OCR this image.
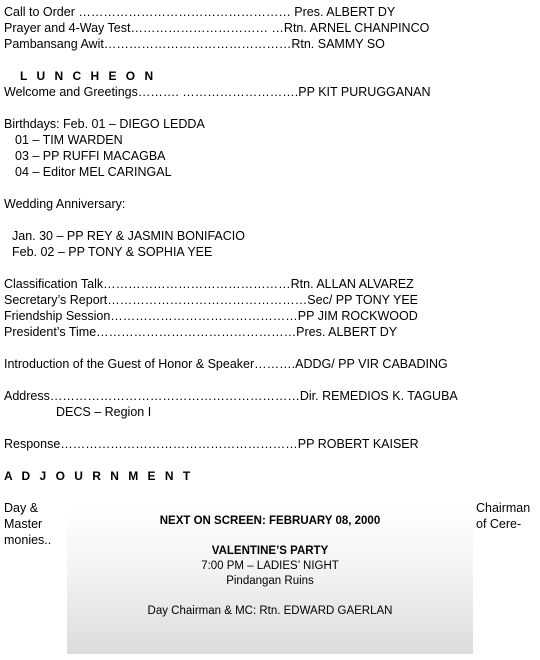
Call to Order …………………………………………… Pres. ALBERT DY
Prayer and 4-Way Test…………………………… …Rtn. ARNEL CHANPINCO
Pambansang Awit………………………………………Rtn. SAMMY SO
L U N C H E O N
Welcome and Greetings………. ……………………….PP KIT PURUGGANAN
Birthdays: Feb. 01 – DIEGO LEDDA
01 – TIM WARDEN
03 – PP RUFFI MACAGBA
04 – Editor MEL CARINGAL
Wedding Anniversary:
Jan. 30 – PP REY & JASMIN BONIFACIO
Feb. 02 – PP TONY & SOPHIA YEE
Classification Talk………………………………………Rtn. ALLAN ALVAREZ
Secretary’s Report…………………………………………Sec/ PP TONY YEE
Friendship Session………………………………………PP JIM ROCKWOOD
President’s Time…………………………………………Pres. ALBERT DY
Introduction of the Guest of Honor & Speaker……….ADDG/ PP VIR CABADING
Address……………………………………………………Dir. REMEDIOS K. TAGUBA
DECS – Region I
Response…………………………………………………PP ROBERT KAISER
A D J O U R N M E N T
Day & Master monies..
Chairman of Cere-
NEXT ON SCREEN: FEBRUARY 08, 2000
VALENTINE’S PARTY
7:00 PM – LADIES’ NIGHT
Pindangan Ruins
Day Chairman & MC: Rtn. EDWARD GAERLAN
